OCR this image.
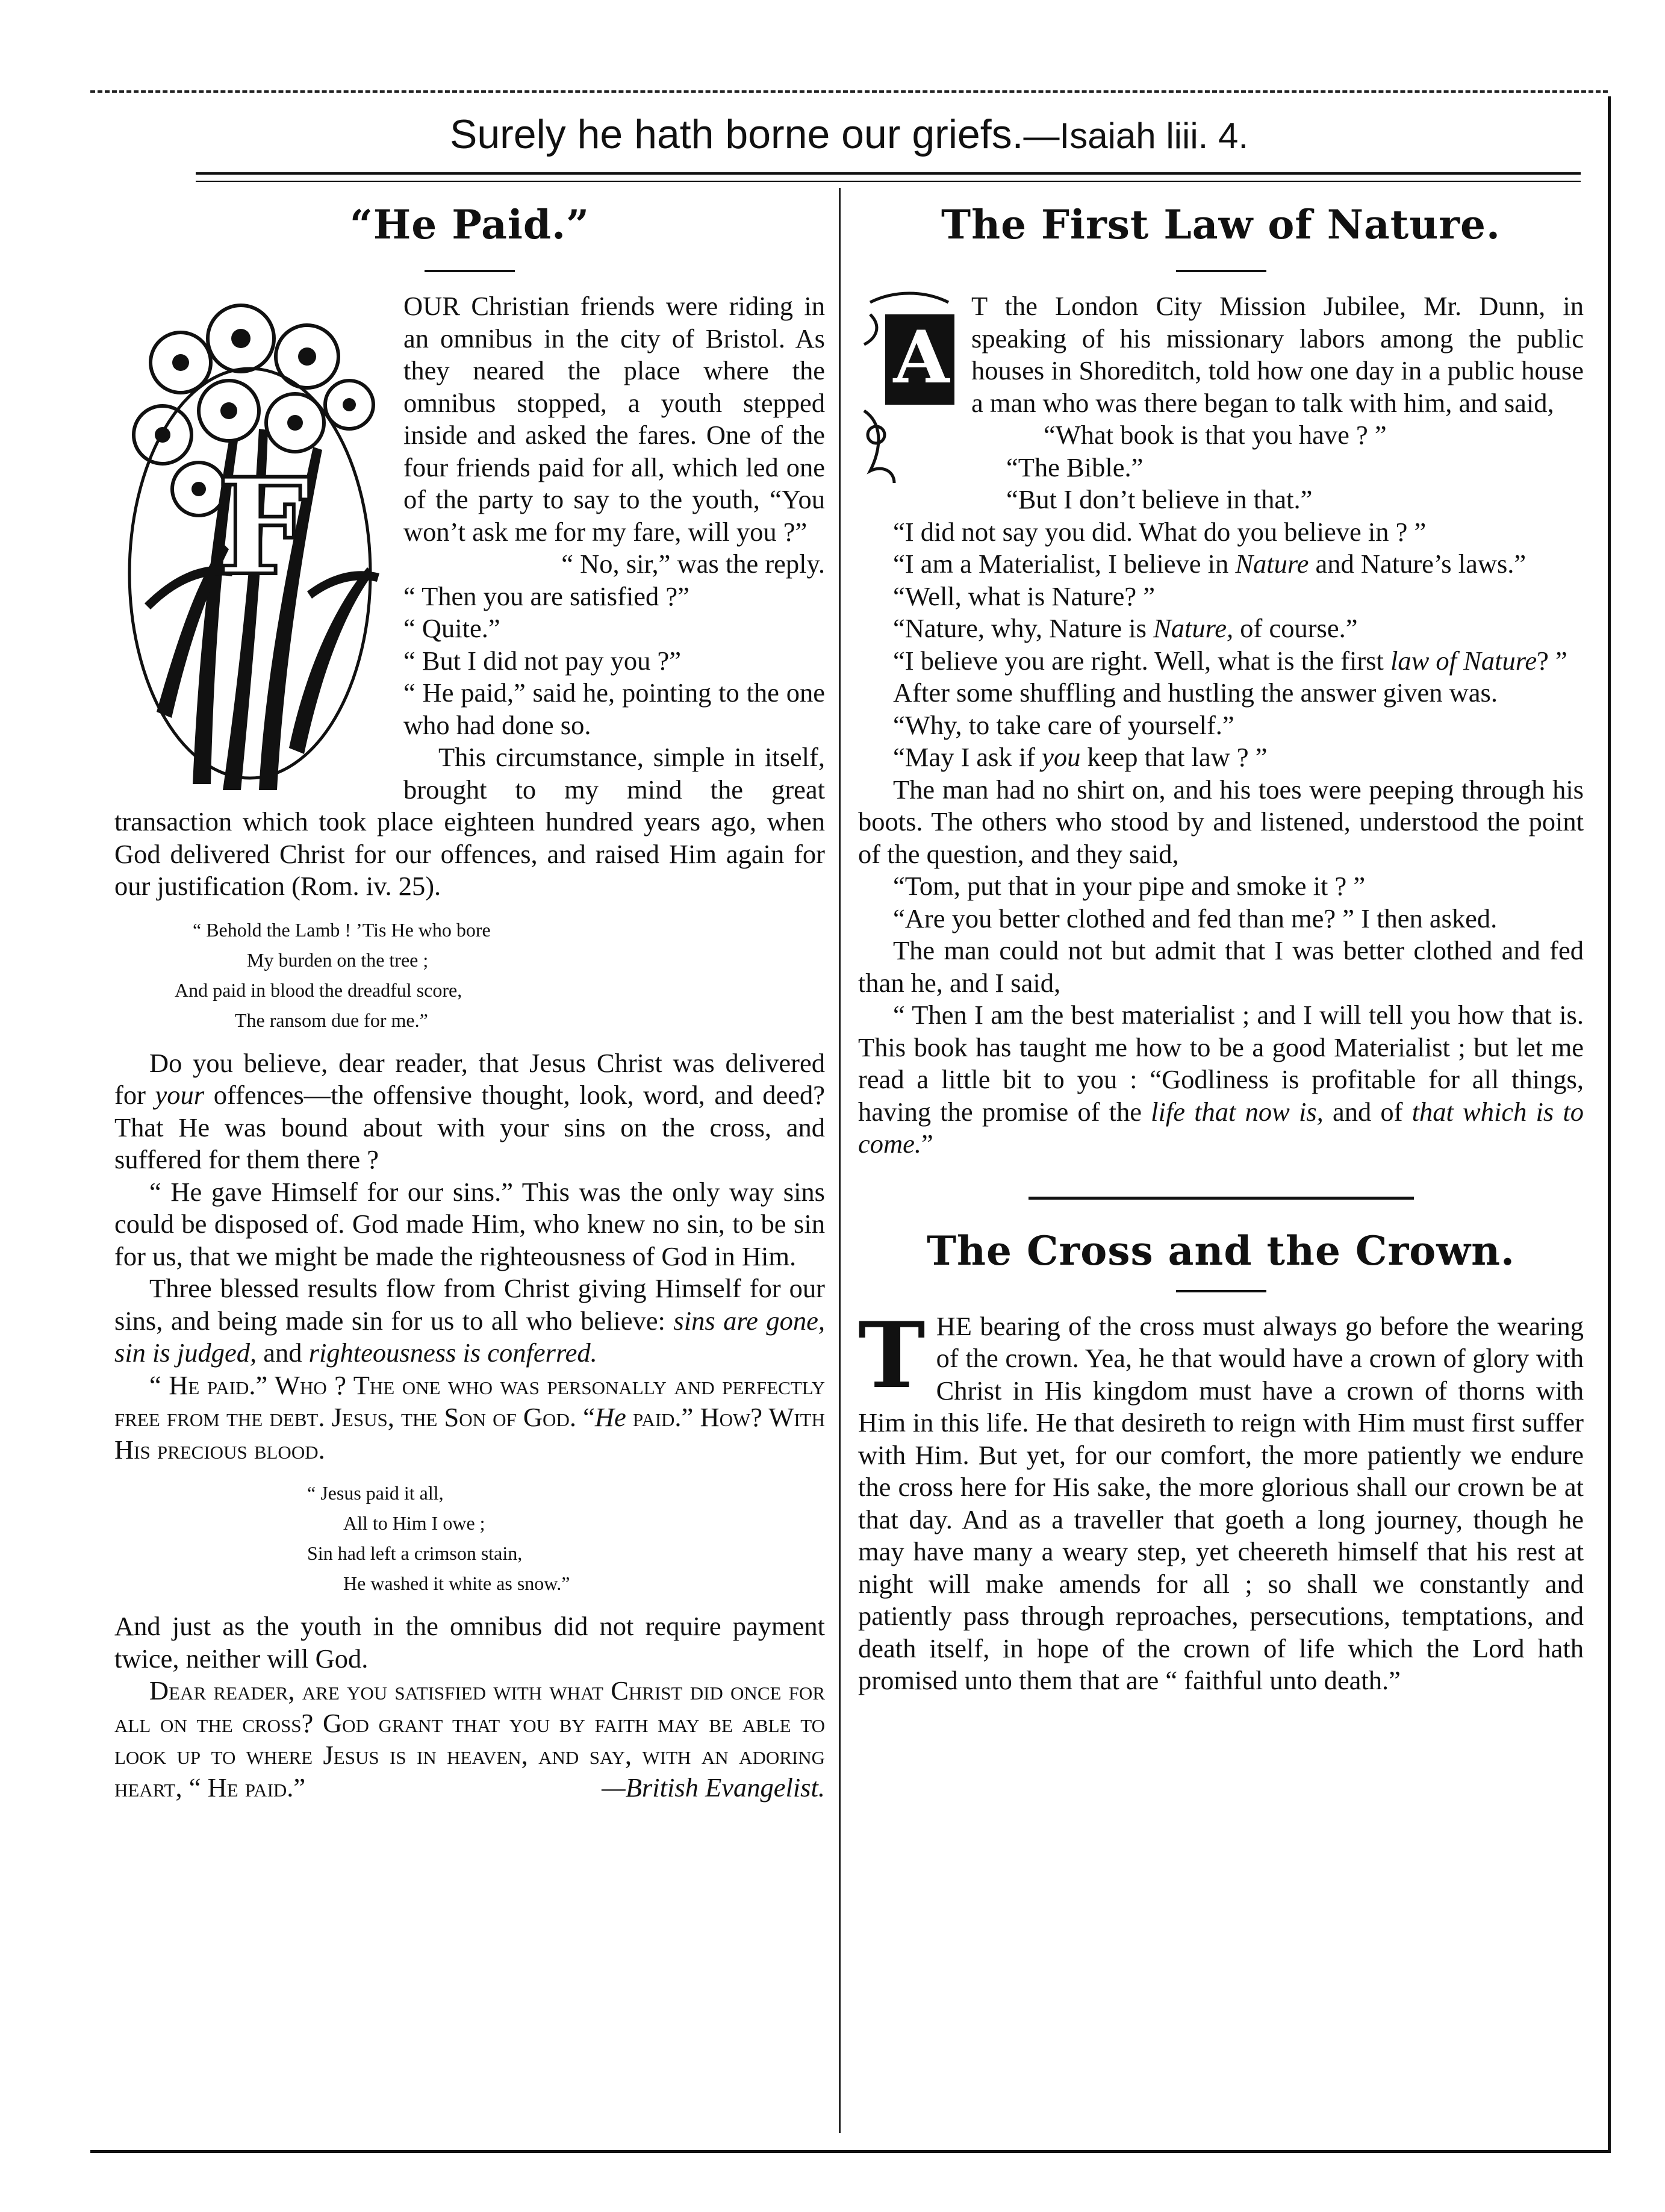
Surely he hath borne our griefs.—Isaiah liii. 4.
“He Paid.”
F

OUR Christian friends were riding in an omnibus in the city of Bristol. As they neared the place where the omnibus stopped, a youth stepped inside and asked the fares. One of the four friends paid for all, which led one of the party to say to the youth, “You won’t ask me for my fare, will you ?”

“ No, sir,” was the reply.

“ Then you are satisfied ?”

“ Quite.”

“ But I did not pay you ?”

“ He paid,” said he, pointing to the one who had done so.

This circumstance, simple in itself, brought to my mind the great transaction which took place eighteen hundred years ago, when God delivered Christ for our offences, and raised Him again for our justification (Rom. iv. 25).

“ Behold the Lamb ! ’Tis He who bore
My burden on the tree ;
And paid in blood the dreadful score,
The ransom due for me.”

Do you believe, dear reader, that Jesus Christ was delivered for your offences—the offensive thought, look, word, and deed? That He was bound about with your sins on the cross, and suffered for them there ?

“ He gave Himself for our sins.” This was the only way sins could be disposed of. God made Him, who knew no sin, to be sin for us, that we might be made the righteousness of God in Him.

Three blessed results flow from Christ giving Himself for our sins, and being made sin for us to all who believe: sins are gone, sin is judged, and righteousness is conferred.

“ He paid.” Who ? The one who was personally and perfectly free from the debt. Jesus, the Son of God. “He paid.” How? With His precious blood.

“ Jesus paid it all,
All to Him I owe ;
Sin had left a crimson stain,
He washed it white as snow.”

And just as the youth in the omnibus did not require payment twice, neither will God.

Dear reader, are you satisfied with what Christ did once for all on the cross? God grant that you by faith may be able to look up to where Jesus is in heaven, and say, with an adoring heart, “ He paid.”	—British Evangelist.

The First Law of Nature.
A

T the London City Mission Jubilee, Mr. Dunn, in speaking of his missionary labors among the public houses in Shoreditch, told how one day in a public house a man who was there began to talk with him, and said,

“What book is that you have ? ”

“The Bible.”

“But I don’t believe in that.”

“I did not say you did. What do you believe in ? ”

“I am a Materialist, I believe in Nature and Nature’s laws.”

“Well, what is Nature? ”

“Nature, why, Nature is Nature, of course.”

“I believe you are right. Well, what is the first law of Nature? ”

After some shuffling and hustling the answer given was.

“Why, to take care of yourself.”

“May I ask if you keep that law ? ”

The man had no shirt on, and his toes were peeping through his boots. The others who stood by and listened, understood the point of the question, and they said,

“Tom, put that in your pipe and smoke it ? ”

“Are you better clothed and fed than me? ” I then asked.

The man could not but admit that I was better clothed and fed than he, and I said,

“ Then I am the best materialist ; and I will tell you how that is. This book has taught me how to be a good Materialist ; but let me read a little bit to you : “Godliness is profitable for all things, having the promise of the life that now is, and of that which is to come.”

The Cross and the Crown.
T HE bearing of the cross must always go before the wearing of the crown. Yea, he that would have a crown of glory with Christ in His kingdom must have a crown of thorns with Him in this life. He that desireth to reign with Him must first suffer with Him. But yet, for our comfort, the more patiently we endure the cross here for His sake, the more glorious shall our crown be at that day. And as a traveller that goeth a long journey, though he may have many a weary step, yet cheereth himself that his rest at night will make amends for all ; so shall we constantly and patiently pass through reproaches, persecutions, temptations, and death itself, in hope of the crown of life which the Lord hath promised unto them that are “ faithful unto death.”
